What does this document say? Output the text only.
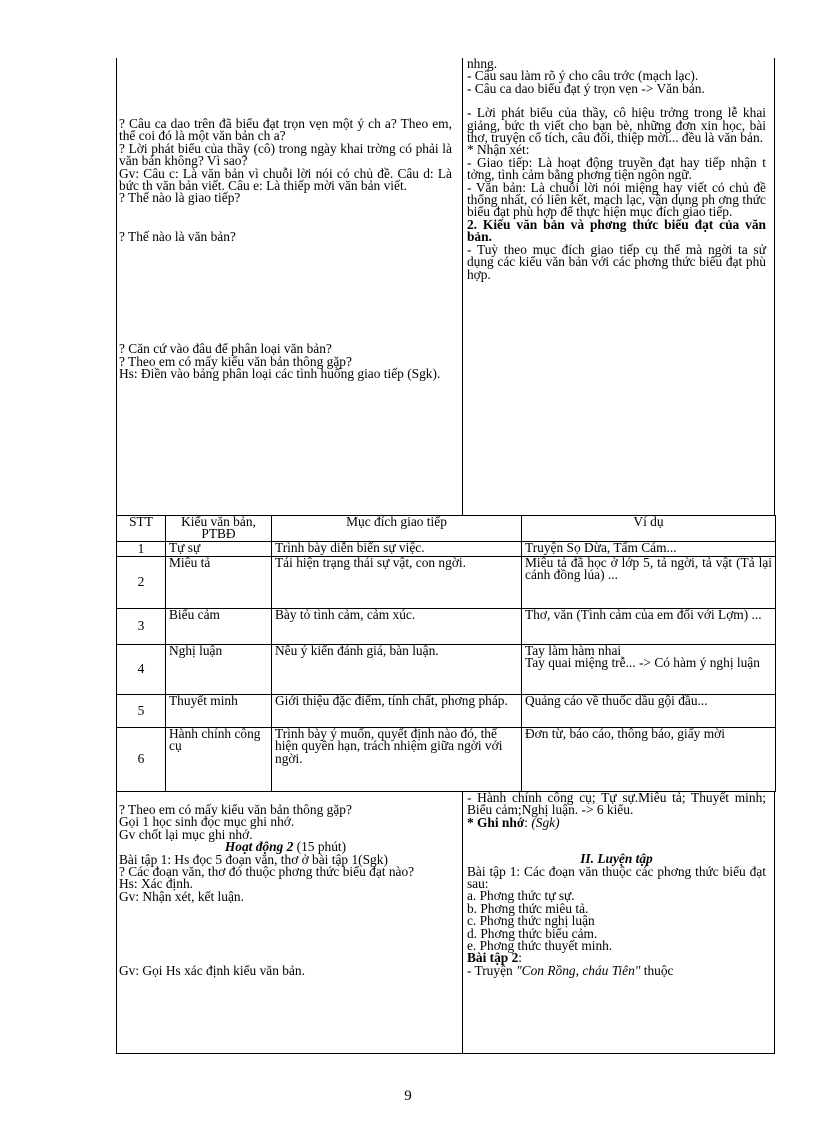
? Câu ca dao trên đã biểu đạt trọn vẹn một ý ch a? Theo em, thể coi đó là một văn bản ch a?

? Lời phát biểu của thầy (cô) trong ngày khai trờng có phải là văn bản không? Vì sao?

Gv: Câu c: Là văn bản vì chuỗi lời nói có chủ đề. Câu d: Là bức th văn bản viết. Câu e: Là thiếp mời văn bản viết.

? Thế nào là giao tiếp?

? Thế nào là văn bản?

? Căn cứ vào đâu để phân loại văn bản?

? Theo em có mấy kiểu văn bản thông gặp?

Hs: Điền vào bảng phân loại các tình huống giao tiếp (Sgk).

nhng.

- Câu sau làm rõ ý cho câu trớc (mạch lạc).

- Câu ca dao biểu đạt ý trọn vẹn -> Văn bản.

- Lời phát biểu của thầy, cô hiệu trởng trong lễ khai giảng, bức th viết cho bạn bè, những đơn xin học, bài thơ, truyện cổ tích, câu đối, thiệp mời... đều là văn bản.

* Nhận xét:

- Giao tiếp: Là hoạt động truyền đạt hay tiếp nhận t tởng, tình cảm bằng phơng tiện ngôn ngữ.

- Văn bản: Là chuỗi lời nói miệng hay viết có chủ đề thống nhất, có liên kết, mạch lạc, vận dụng ph ơng thức biểu đạt phù hợp để thực hiện mục đích giao tiếp.

2. Kiểu văn bản và phơng thức biểu đạt của văn bản.

- Tuỳ theo mục đích giao tiếp cụ thể mà ngời ta sử dụng các kiểu văn bản với các phơng thức biểu đạt phù hợp.

STT	Kiểu văn bản, PTBĐ	Mục đích giao tiếp	Ví dụ
1	Tự sự	Trình bày diễn biến sự việc.	Truyện Sọ Dừa, Tấm Cám...
2	Miêu tả	Tái hiện trạng thái sự vật, con ngời.	Miêu tả đã học ở lớp 5, tả ngời, tả vật (Tả lại cánh đồng lúa) ...
3	Biểu cảm	Bày tỏ tình cảm, cảm xúc.	Thơ, văn (Tình cảm của em đối với Lợm) ...
4	Nghị luận	Nêu ý kiến đánh giá, bàn luận.	Tay làm hàm nhai
Tay quai miệng trễ... -> Có hàm ý nghị luận
5	Thuyết minh	Giới thiệu đặc điểm, tính chất, phơng pháp.	Quảng cáo về thuốc dầu gội đầu...
6	Hành chính công cụ	Trình bày ý muốn, quyết định nào đó, thể hiện quyền hạn, trách nhiệm giữa ngời với ngời.	Đơn từ, báo cáo, thông báo, giấy mời

? Theo em có mấy kiểu văn bản thông gặp?

Gọi 1 học sinh đọc mục ghi nhớ.

Gv chốt lại mục ghi nhớ.

Hoạt động 2 (15 phút)

Bài tập 1: Hs đọc 5 đoạn văn, thơ ở bài tập 1(Sgk)

? Các đoạn văn, thơ đó thuộc phơng thức biểu đạt nào?

Hs: Xác định.

Gv: Nhận xét, kết luận.

Gv: Gọi Hs xác định kiểu văn bản.

- Hành chính công cụ; Tự sự.Miêu tả; Thuyết minh; Biểu cảm;Nghị luận. -> 6 kiểu.

* Ghi nhớ: (Sgk)

II. Luyện tập

Bài tập 1: Các đoạn văn thuộc các phơng thức biểu đạt sau:

a. Phơng thức tự sự.

b. Phơng thức miêu tả.

c. Phơng thức nghị luận

d. Phơng thức biểu cảm.

e. Phơng thức thuyết minh.

Bài tập 2:

- Truyện "Con Rồng, cháu Tiên" thuộc

9
